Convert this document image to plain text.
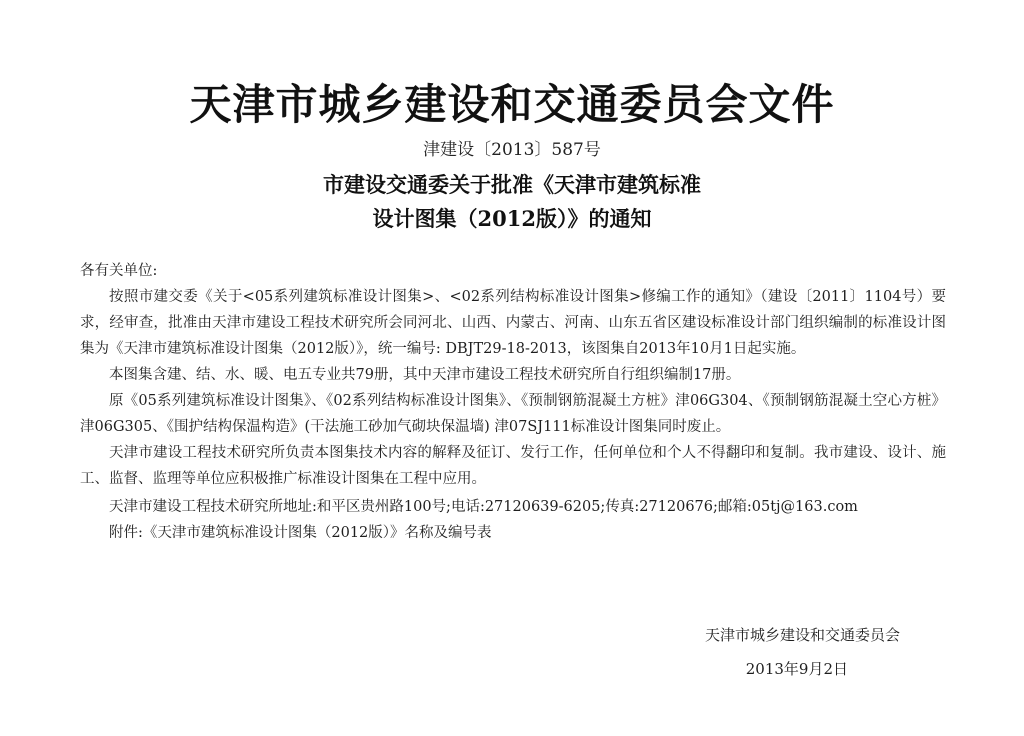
天津市城乡建设和交通委员会文件
津建设〔2013〕587号
市建设交通委关于批准《天津市建筑标准
设计图集（2012版）》的通知

各有关单位:

按照市建交委《关于<05系列建筑标准设计图集>、<02系列结构标准设计图集>修编工作的通知》（建设〔2011〕1104号）要求，经审查，批准由天津市建设工程技术研究所会同河北、山西、内蒙古、河南、山东五省区建设标准设计部门组织编制的标准设计图集为《天津市建筑标准设计图集（2012版）》，统一编号: DBJT29-18-2013，该图集自2013年10月1日起实施。

本图集含建、结、水、暖、电五专业共79册，其中天津市建设工程技术研究所自行组织编制17册。

原《05系列建筑标准设计图集》、《02系列结构标准设计图集》、《预制钢筋混凝土方桩》津06G304、《预制钢筋混凝土空心方桩》津06G305、《围护结构保温构造》(干法施工砂加气砌块保温墙) 津07SJ111标准设计图集同时废止。

天津市建设工程技术研究所负责本图集技术内容的解释及征订、发行工作，任何单位和个人不得翻印和复制。我市建设、设计、施工、监督、监理等单位应积极推广标准设计图集在工程中应用。

天津市建设工程技术研究所地址:和平区贵州路100号;电话:27120639-6205;传真:27120676;邮箱:05tj@163.com

附件:《天津市建筑标准设计图集（2012版）》名称及编号表

天津市城乡建设和交通委员会
2013年9月2日
